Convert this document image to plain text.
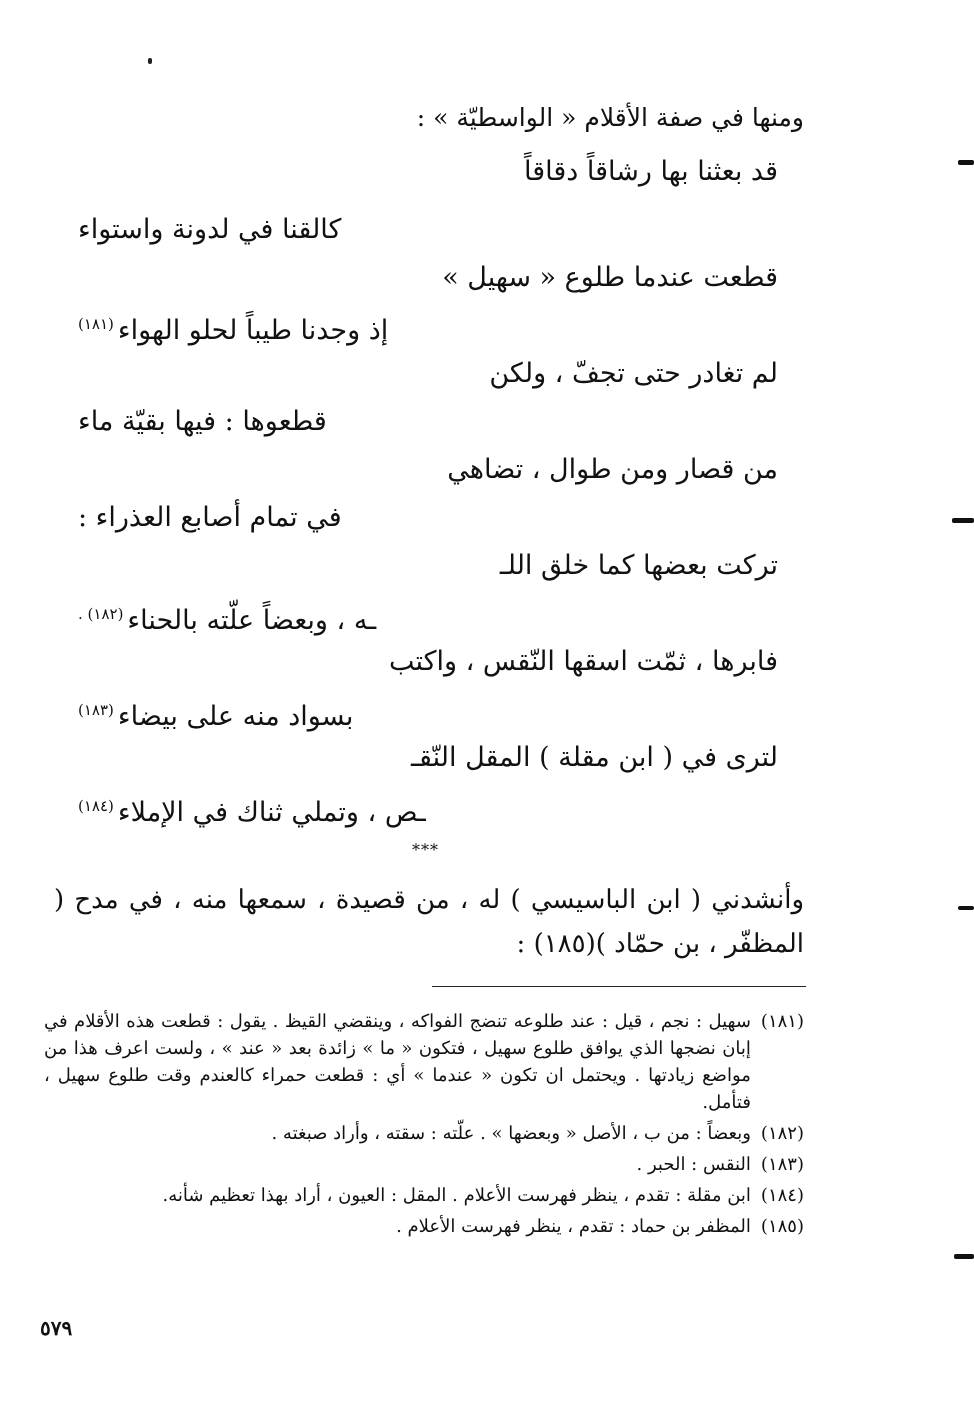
ومنها في صفة الأقلام « الواسطيّة » :
قد بعثنا بها رشاقاً دقاقاً
كالقنا في لدونة واستواء
قطعت عندما طلوع « سهيل »
إذ وجدنا طيباً لحلو الهواء$^{(١٨١)}$
لم تغادر حتى تجفّ ، ولكن
قطعوها : فيها بقيّة ماء
من قصار ومن طوال ، تضاهي
في تمام أصابع العذراء :
تركت بعضها كما خلق اللـ
ـه ، وبعضاً علّته بالحناء$^{(١٨٢) .}$
فابرها ، ثمّت اسقها النّقس ، واكتب
بسواد منه على بيضاء$^{(١٨٣)}$
لترى في ( ابن مقلة ) المقل النّقـ
ـص ، وتملي ثناك في الإملاء$^{(١٨٤)}$
⁎⁎⁎

وأنشدني ( ابن الباسيسي ) له ، من قصيدة ، سمعها منه ، في مدح ( المظفّر ، بن حمّاد )(١٨٥) :

(١٨١)
سهيل : نجم ، قيل : عند طلوعه تنضج الفواكه ، وينقضي القيظ . يقول : قطعت هذه الأقلام في إبان نضجها الذي يوافق طلوع سهيل ، فتكون « ما » زائدة بعد « عند » ، ولست اعرف هذا من مواضع زيادتها . ويحتمل ان تكون « عندما » أي : قطعت حمراء كالعندم وقت طلوع سهيل ، فتأمل.
(١٨٢)
وبعضاً : من ب ، الأصل « وبعضها » . علّته : سقته ، وأراد صبغته .
(١٨٣)
النقس : الحبر .
(١٨٤)
ابن مقلة : تقدم ، ينظر فهرست الأعلام . المقل : العيون ، أراد بهذا تعظيم شأنه.
(١٨٥)
المظفر بن حماد : تقدم ، ينظر فهرست الأعلام .
٥٧٩
